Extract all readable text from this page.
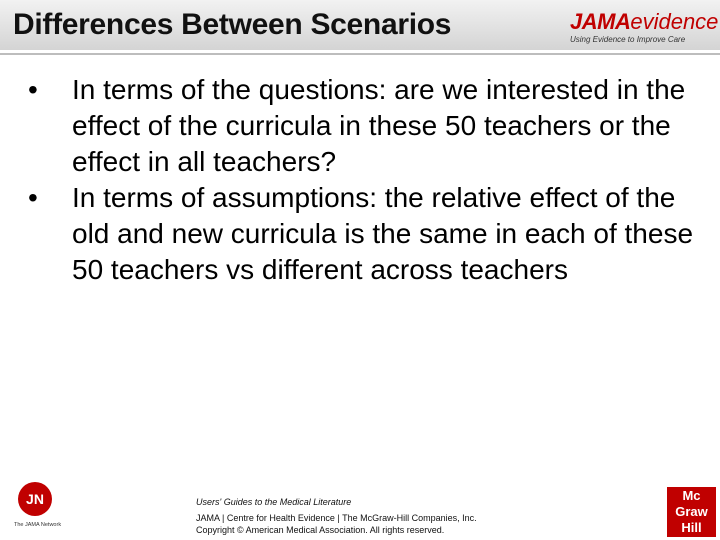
Differences Between Scenarios	JAMAevidence
Using Evidence to Improve Care
•	In terms of the questions: are we interested in the effect of the curricula in these 50 teachers or the effect in all teachers?
•	In terms of assumptions: the relative effect of the old and new curricula is the same in each of these 50 teachers vs different across teachers
JN
The JAMA Network
Users' Guides to the Medical Literature
JAMA | Centre for Health Evidence | The McGraw-Hill Companies, Inc.
Copyright © American Medical Association. All rights reserved.
Mc
Graw
Hill
